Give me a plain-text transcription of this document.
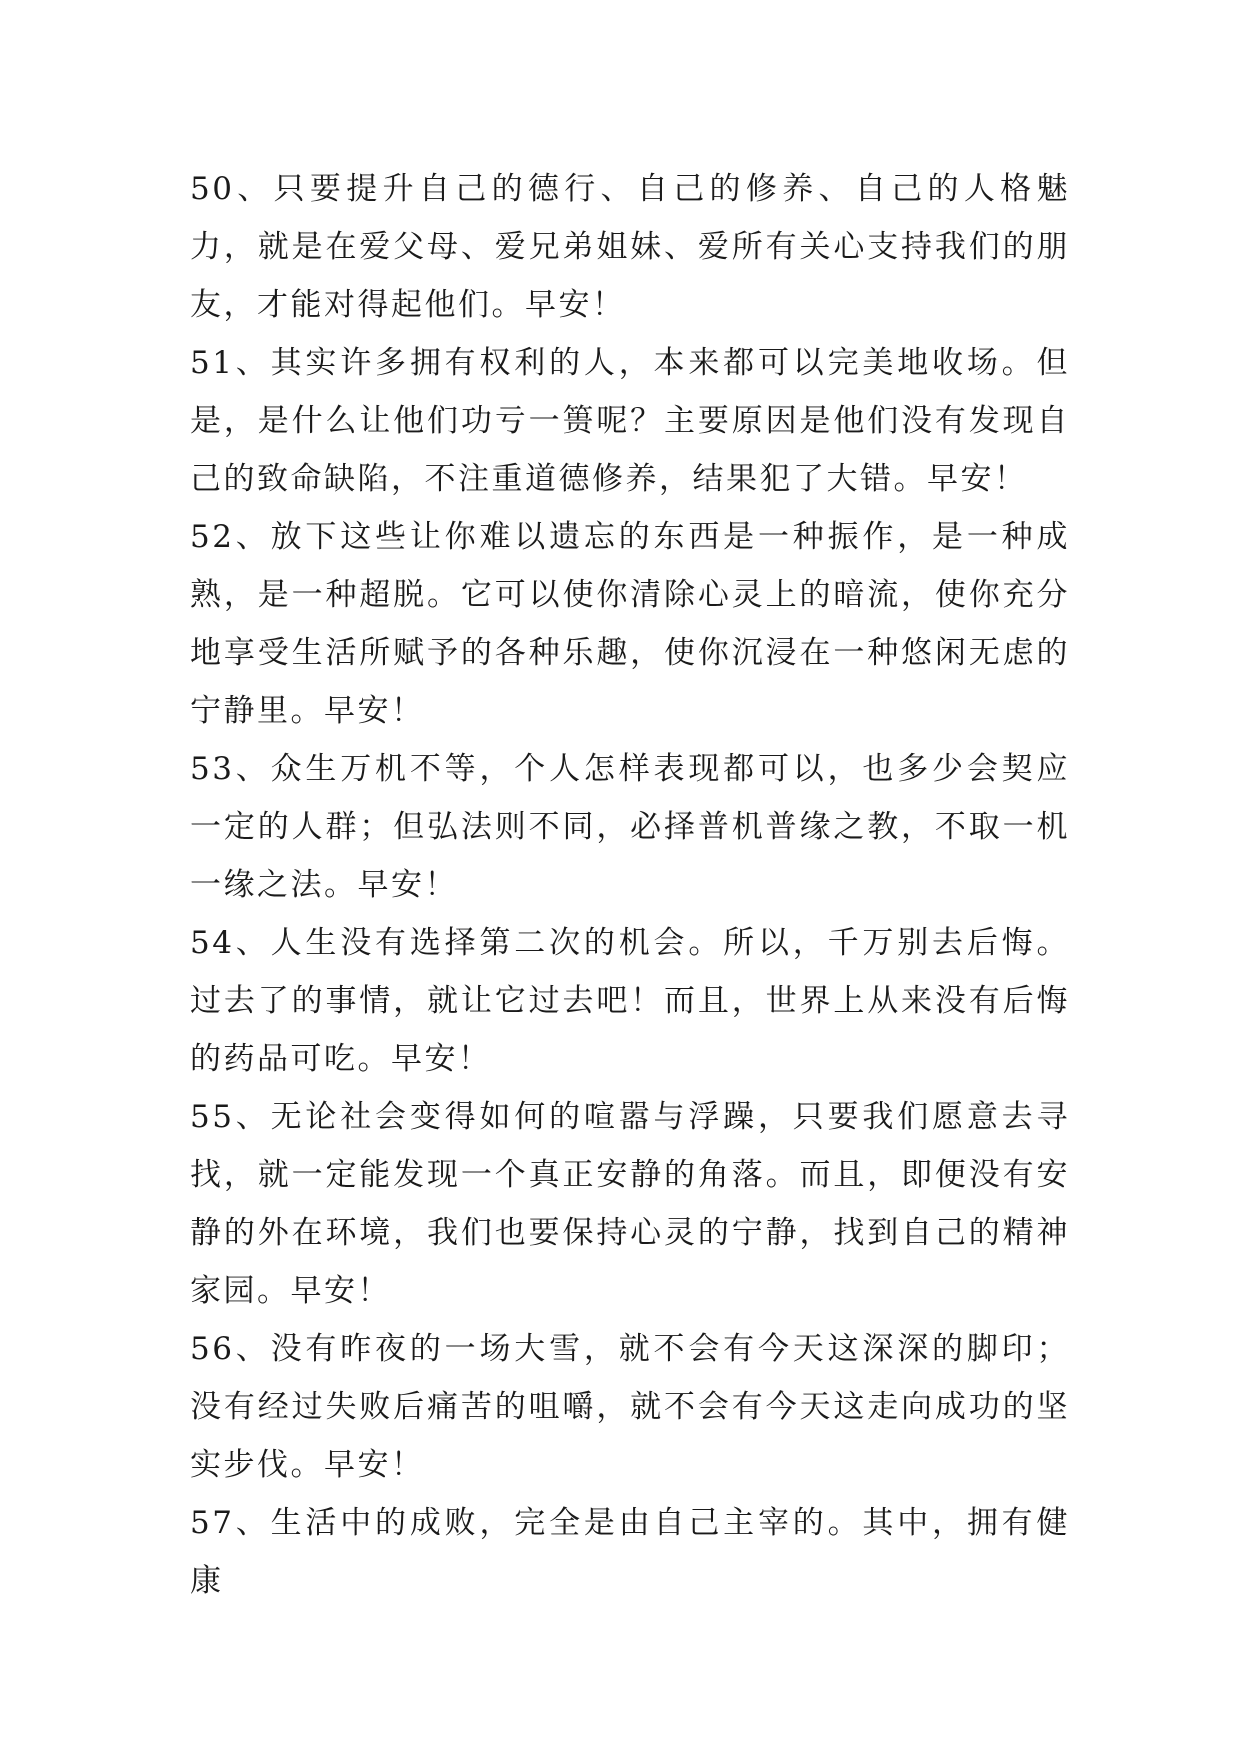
50、只要提升自己的德行、自己的修养、自己的人格魅力，就是在爱父母、爱兄弟姐妹、爱所有关心支持我们的朋友，才能对得起他们。早安！

51、其实许多拥有权利的人，本来都可以完美地收场。但是，是什么让他们功亏一篑呢？主要原因是他们没有发现自己的致命缺陷，不注重道德修养，结果犯了大错。早安！

52、放下这些让你难以遗忘的东西是一种振作，是一种成熟，是一种超脱。它可以使你清除心灵上的暗流，使你充分地享受生活所赋予的各种乐趣，使你沉浸在一种悠闲无虑的宁静里。早安！

53、众生万机不等，个人怎样表现都可以，也多少会契应一定的人群；但弘法则不同，必择普机普缘之教，不取一机一缘之法。早安！

54、人生没有选择第二次的机会。所以，千万别去后悔。过去了的事情，就让它过去吧！而且，世界上从来没有后悔的药品可吃。早安！

55、无论社会变得如何的喧嚣与浮躁，只要我们愿意去寻找，就一定能发现一个真正安静的角落。而且，即便没有安静的外在环境，我们也要保持心灵的宁静，找到自己的精神家园。早安！

56、没有昨夜的一场大雪，就不会有今天这深深的脚印；没有经过失败后痛苦的咀嚼，就不会有今天这走向成功的坚实步伐。早安！

57、生活中的成败，完全是由自己主宰的。其中，拥有健康
